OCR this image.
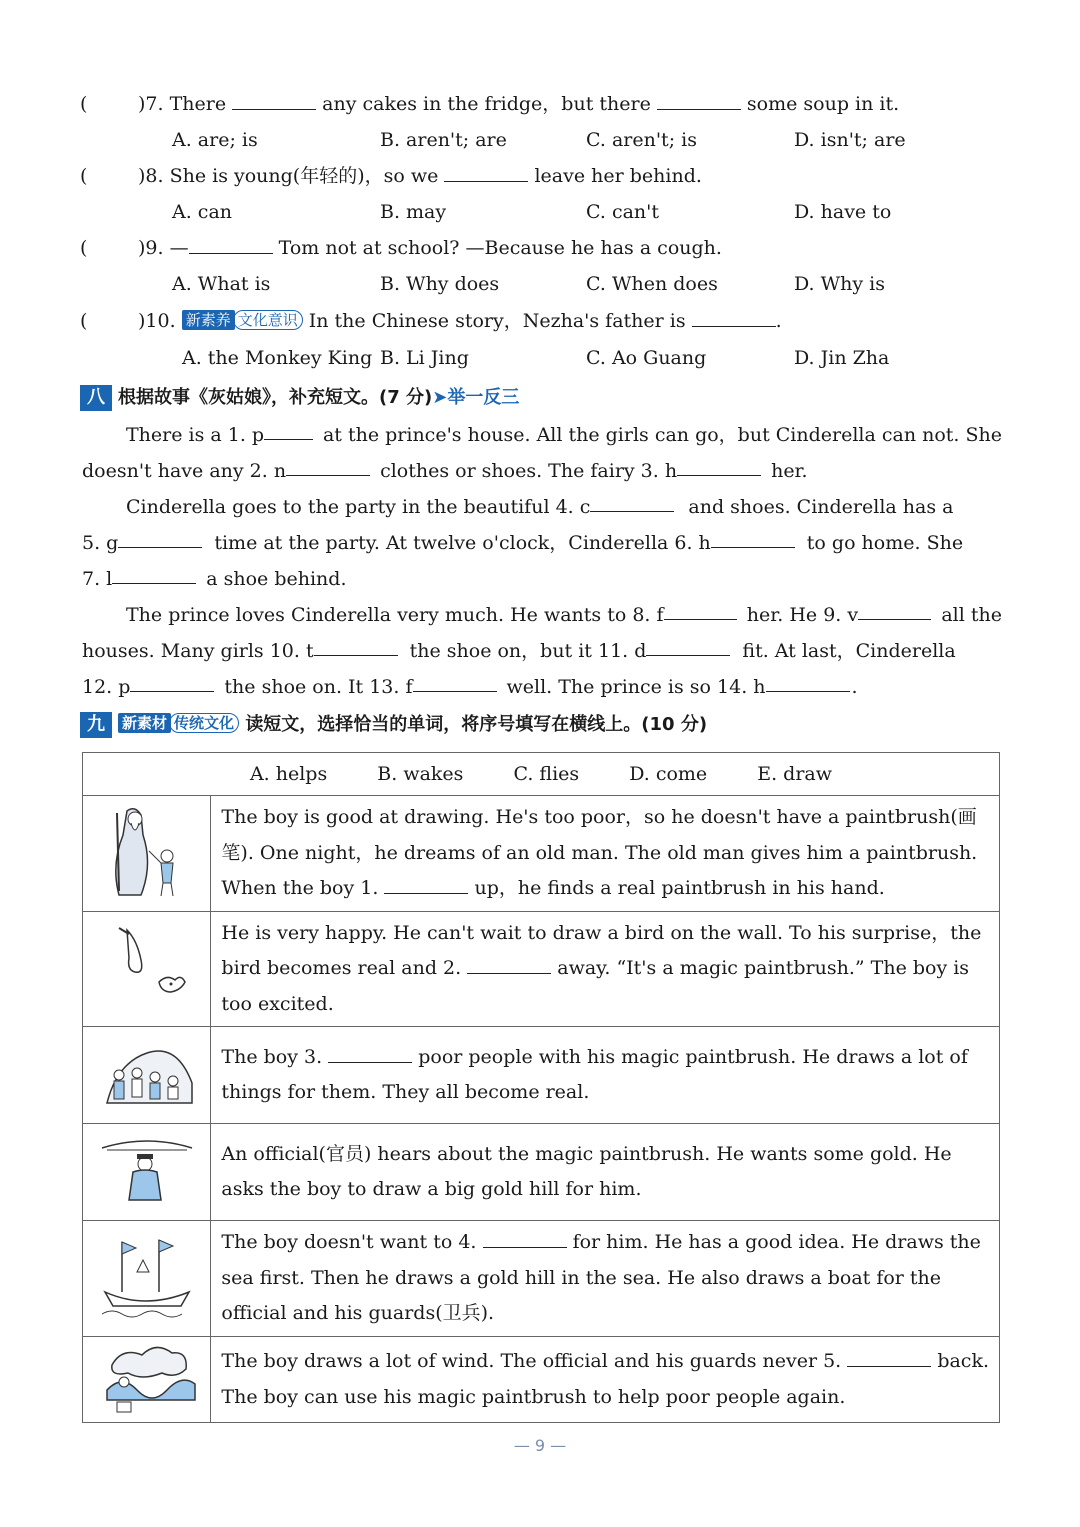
(	)7. There	any cakes in the fridge，but there	some soup in it.
A. are; is	B. aren't; are	C. aren't; is	D. isn't; are
(	)8. She is young(年轻的)，so we	leave her behind.
A. can	B. may	C. can't	D. have to
(	)9. —	Tom not at school? —Because he has a cough.
A. What is	B. Why does	C. When does	D. Why is
(	)10. 新素养 文化意识 In the Chinese story，Nezha's father is	.
A. the Monkey King B. Li Jing	C. Ao Guang	D. Jin Zha
八 根据故事《灰姑娘》，补充短文。(7 分)➤举一反三
There is a 1. p	at the prince's house. All the girls can go，but Cinderella can not. She
doesn't have any 2. n	clothes or shoes. The fairy 3. h	her.
Cinderella goes to the party in the beautiful 4. c	and shoes. Cinderella has a
5. g	time at the party. At twelve o'clock，Cinderella 6. h	to go home. She
7. l	a shoe behind.
The prince loves Cinderella very much. He wants to 8. f	her. He 9. v	all the
houses. Many girls 10. t	the shoe on，but it 11. d	fit. At last，Cinderella
12. p	the shoe on. It 13. f	well. The prince is so 14. h	.
九 新素材 传统文化 读短文，选择恰当的单词，将序号填写在横线上。(10 分)
A. helps B. wakes C. flies D. come E. draw	

The boy is good at drawing. He's too poor，so he doesn't have a paintbrush(画
笔). One night，he dreams of an old man. The old man gives him a paintbrush.
When the boy 1. up，he finds a real paintbrush in his hand.

He is very happy. He can't wait to draw a bird on the wall. To his surprise，the
bird becomes real and 2. away. “It's a magic paintbrush.” The boy is
too excited.

The boy 3. poor people with his magic paintbrush. He draws a lot of
things for them. They all become real.

An official(官员) hears about the magic paintbrush. He wants some gold. He
asks the boy to draw a big gold hill for him.

The boy doesn't want to 4. for him. He has a good idea. He draws the
sea first. Then he draws a gold hill in the sea. He also draws a boat for the
official and his guards(卫兵).

The boy draws a lot of wind. The official and his guards never 5. back.
The boy can use his magic paintbrush to help poor people again.
— 9 —
